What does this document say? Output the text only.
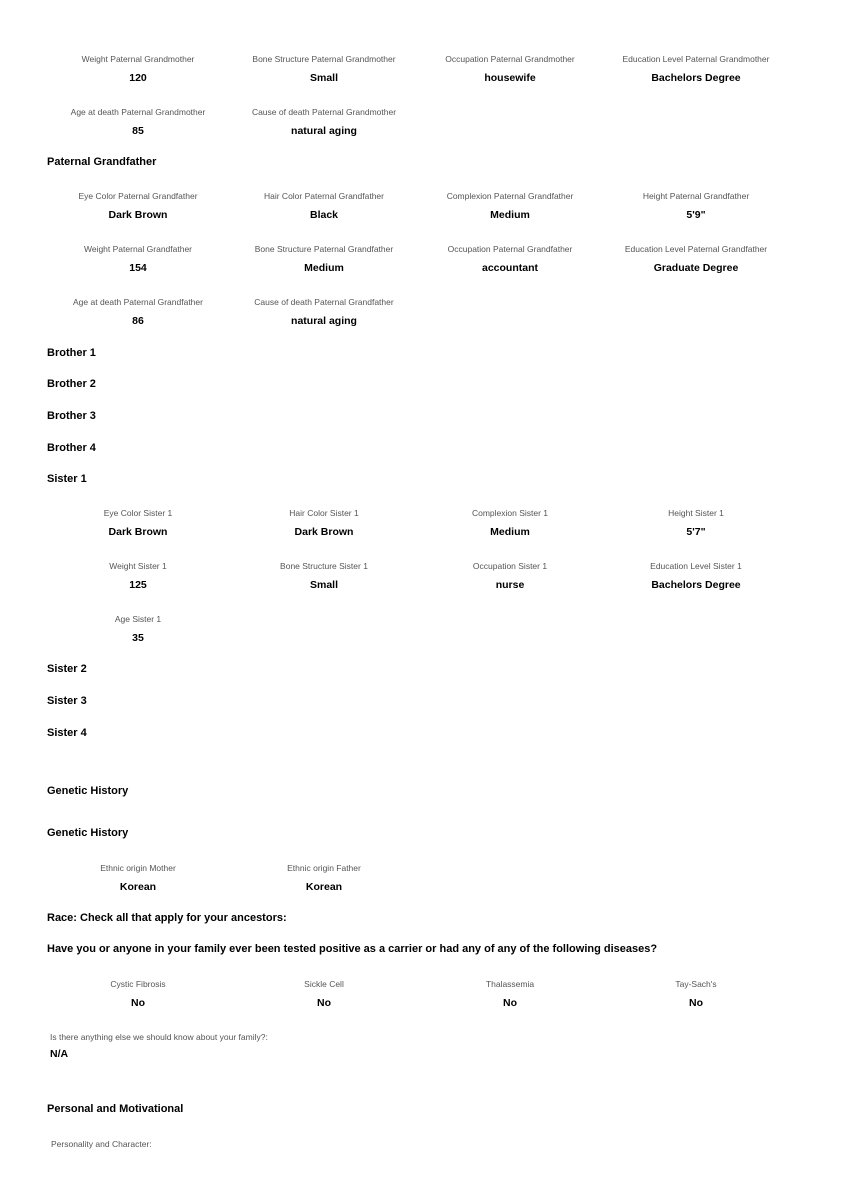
Weight Paternal Grandmother
120
Bone Structure Paternal Grandmother
Small
Occupation Paternal Grandmother
housewife
Education Level Paternal Grandmother
Bachelors Degree
Age at death Paternal Grandmother
85
Cause of death Paternal Grandmother
natural aging
Paternal Grandfather
Eye Color Paternal Grandfather
Dark Brown
Hair Color Paternal Grandfather
Black
Complexion Paternal Grandfather
Medium
Height Paternal Grandfather
5'9"
Weight Paternal Grandfather
154
Bone Structure Paternal Grandfather
Medium
Occupation Paternal Grandfather
accountant
Education Level Paternal Grandfather
Graduate Degree
Age at death Paternal Grandfather
86
Cause of death Paternal Grandfather
natural aging
Brother 1
Brother 2
Brother 3
Brother 4
Sister 1
Eye Color Sister 1
Dark Brown
Hair Color Sister 1
Dark Brown
Complexion Sister 1
Medium
Height Sister 1
5'7"
Weight Sister 1
125
Bone Structure Sister 1
Small
Occupation Sister 1
nurse
Education Level Sister 1
Bachelors Degree
Age Sister 1
35
Sister 2
Sister 3
Sister 4
Genetic History
Genetic History
Ethnic origin Mother
Korean
Ethnic origin Father
Korean
Race: Check all that apply for your ancestors:
Have you or anyone in your family ever been tested positive as a carrier or had any of any of the following diseases?
Cystic Fibrosis
No
Sickle Cell
No
Thalassemia
No
Tay-Sach's
No
Is there anything else we should know about your family?:
N/A
Personal and Motivational
Personality and Character:
